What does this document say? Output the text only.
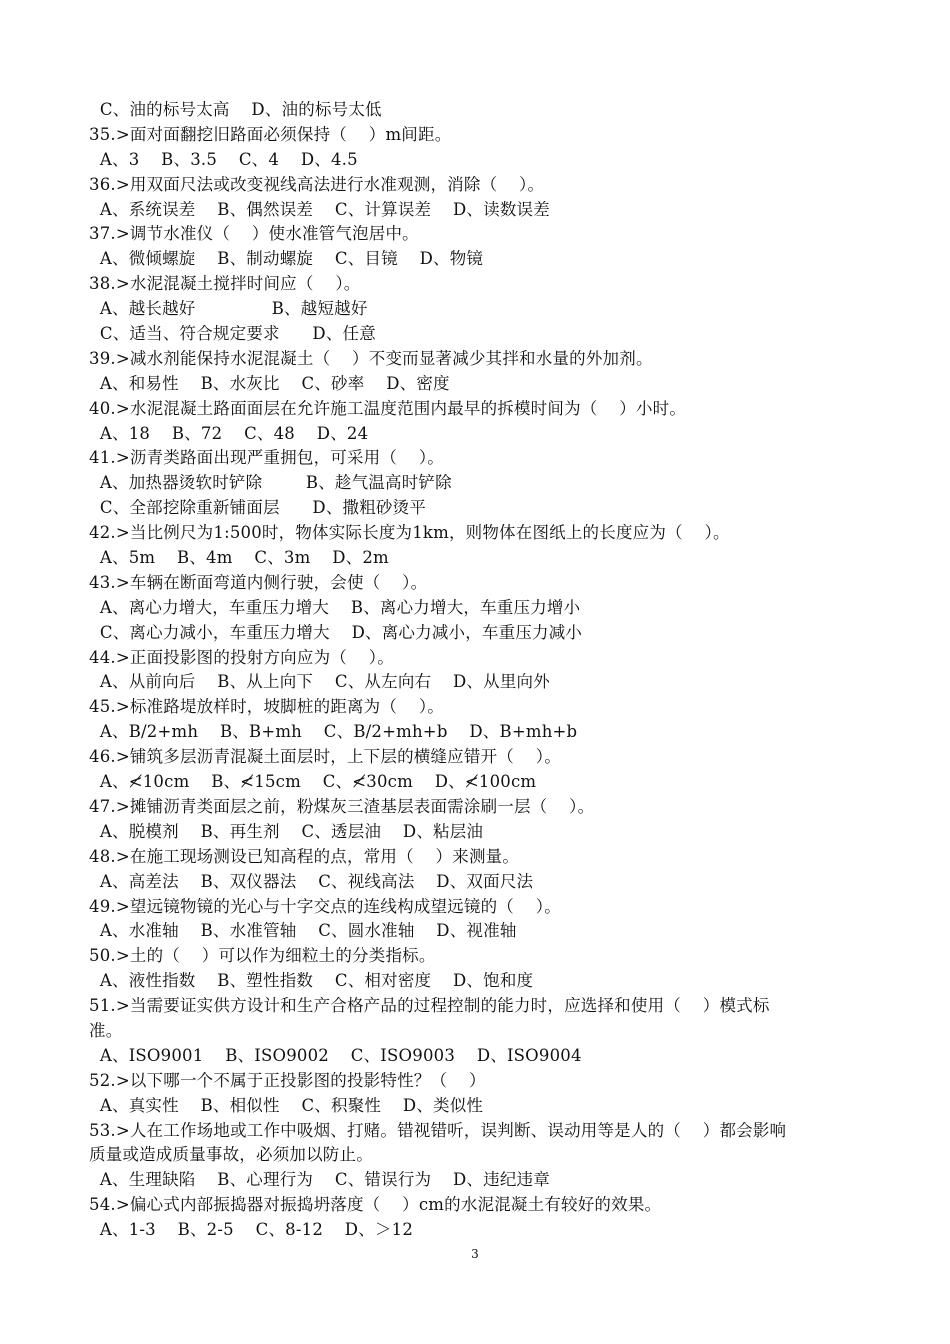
C、油的标号太高    D、油的标号太低
35.>面对面翻挖旧路面必须保持（    ）m间距。
A、3    B、3.5    C、4    D、4.5
36.>用双面尺法或改变视线高法进行水准观测，消除（    ）。
A、系统误差    B、偶然误差    C、计算误差    D、读数误差
37.>调节水准仪（    ）使水准管气泡居中。
A、微倾螺旋    B、制动螺旋    C、目镜    D、物镜
38.>水泥混凝土搅拌时间应（    ）。
A、越长越好              B、越短越好
C、适当、符合规定要求      D、任意
39.>减水剂能保持水泥混凝土（    ）不变而显著减少其拌和水量的外加剂。
A、和易性    B、水灰比    C、砂率    D、密度
40.>水泥混凝土路面面层在允许施工温度范围内最早的拆模时间为（    ）小时。
A、18    B、72    C、48    D、24
41.>沥青类路面出现严重拥包，可采用（    ）。
A、加热器烫软时铲除        B、趁气温高时铲除
C、全部挖除重新铺面层      D、撒粗砂烫平
42.>当比例尺为1:500时，物体实际长度为1km，则物体在图纸上的长度应为（    ）。
A、5m    B、4m    C、3m    D、2m
43.>车辆在断面弯道内侧行驶，会使（    ）。
A、离心力增大，车重压力增大    B、离心力增大，车重压力增小
C、离心力减小，车重压力增大    D、离心力减小，车重压力减小
44.>正面投影图的投射方向应为（    ）。
A、从前向后    B、从上向下    C、从左向右    D、从里向外
45.>标准路堤放样时，坡脚桩的距离为（    ）。
A、B/2+mh    B、B+mh    C、B/2+mh+b    D、B+mh+b
46.>铺筑多层沥青混凝土面层时，上下层的横缝应错开（    ）。
A、≮10cm    B、≮15cm    C、≮30cm    D、≮100cm
47.>摊铺沥青类面层之前，粉煤灰三渣基层表面需涂刷一层（    ）。
A、脱模剂    B、再生剂    C、透层油    D、粘层油
48.>在施工现场测设已知高程的点，常用（    ）来测量。
A、高差法    B、双仪器法    C、视线高法    D、双面尺法
49.>望远镜物镜的光心与十字交点的连线构成望远镜的（    ）。
A、水准轴    B、水准管轴    C、圆水准轴    D、视准轴
50.>土的（    ）可以作为细粒土的分类指标。
A、液性指数    B、塑性指数    C、相对密度    D、饱和度
51.>当需要证实供方设计和生产合格产品的过程控制的能力时，应选择和使用（    ）模式标
准。
A、ISO9001    B、ISO9002    C、ISO9003    D、ISO9004
52.>以下哪一个不属于正投影图的投影特性？（    ）
A、真实性    B、相似性    C、积聚性    D、类似性
53.>人在工作场地或工作中吸烟、打赌。错视错听，误判断、误动用等是人的（    ）都会影响
质量或造成质量事故，必须加以防止。
A、生理缺陷    B、心理行为    C、错误行为    D、违纪违章
54.>偏心式内部振捣器对振捣坍落度（    ）cm的水泥混凝土有较好的效果。
A、1-3    B、2-5    C、8-12    D、＞12
3
